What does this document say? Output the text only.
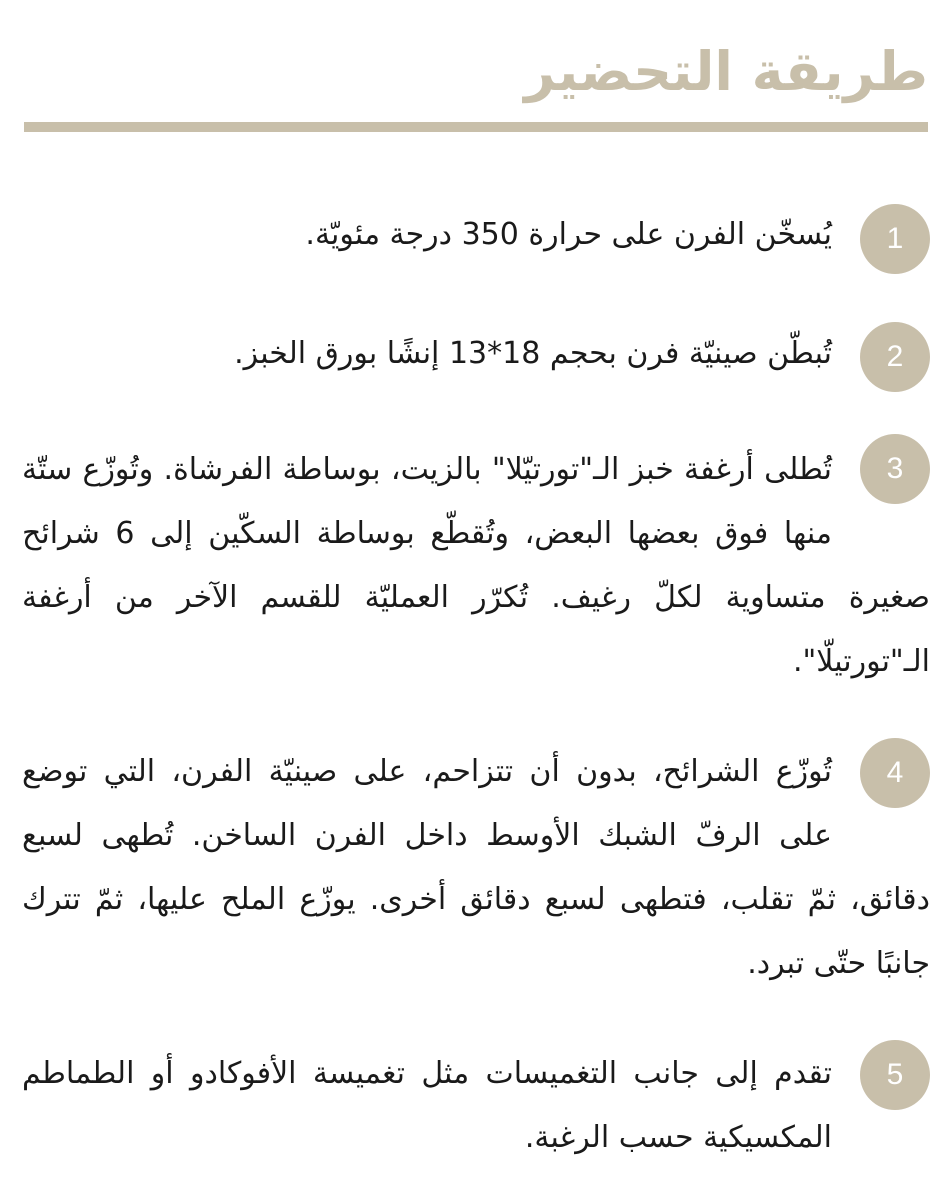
طريقة التحضير
1

يُسخّن الفرن على حرارة 350 درجة مئويّة.

2

تُبطّن صينيّة فرن بحجم 18*13 إنشًا بورق الخبز.

3

تُطلى أرغفة خبز الـ"تورتيّلا" بالزيت، بوساطة الفرشاة. وتُوزّع ستّة منها فوق بعضها البعض، وتُقطّع بوساطة السكّين إلى 6 شرائح صغيرة متساوية لكلّ رغيف. تُكرّر العمليّة للقسم الآخر من أرغفة الـ"تورتيلّا".

4

تُوزّع الشرائح، بدون أن تتزاحم، على صينيّة الفرن، التي توضع على الرفّ الشبك الأوسط داخل الفرن الساخن. تُطهى لسبع دقائق، ثمّ تقلب، فتطهى لسبع دقائق أخرى. يوزّع الملح عليها، ثمّ تترك جانبًا حتّى تبرد.

5

تقدم إلى جانب التغميسات مثل تغميسة الأفوكادو أو الطماطم المكسيكية حسب الرغبة.
